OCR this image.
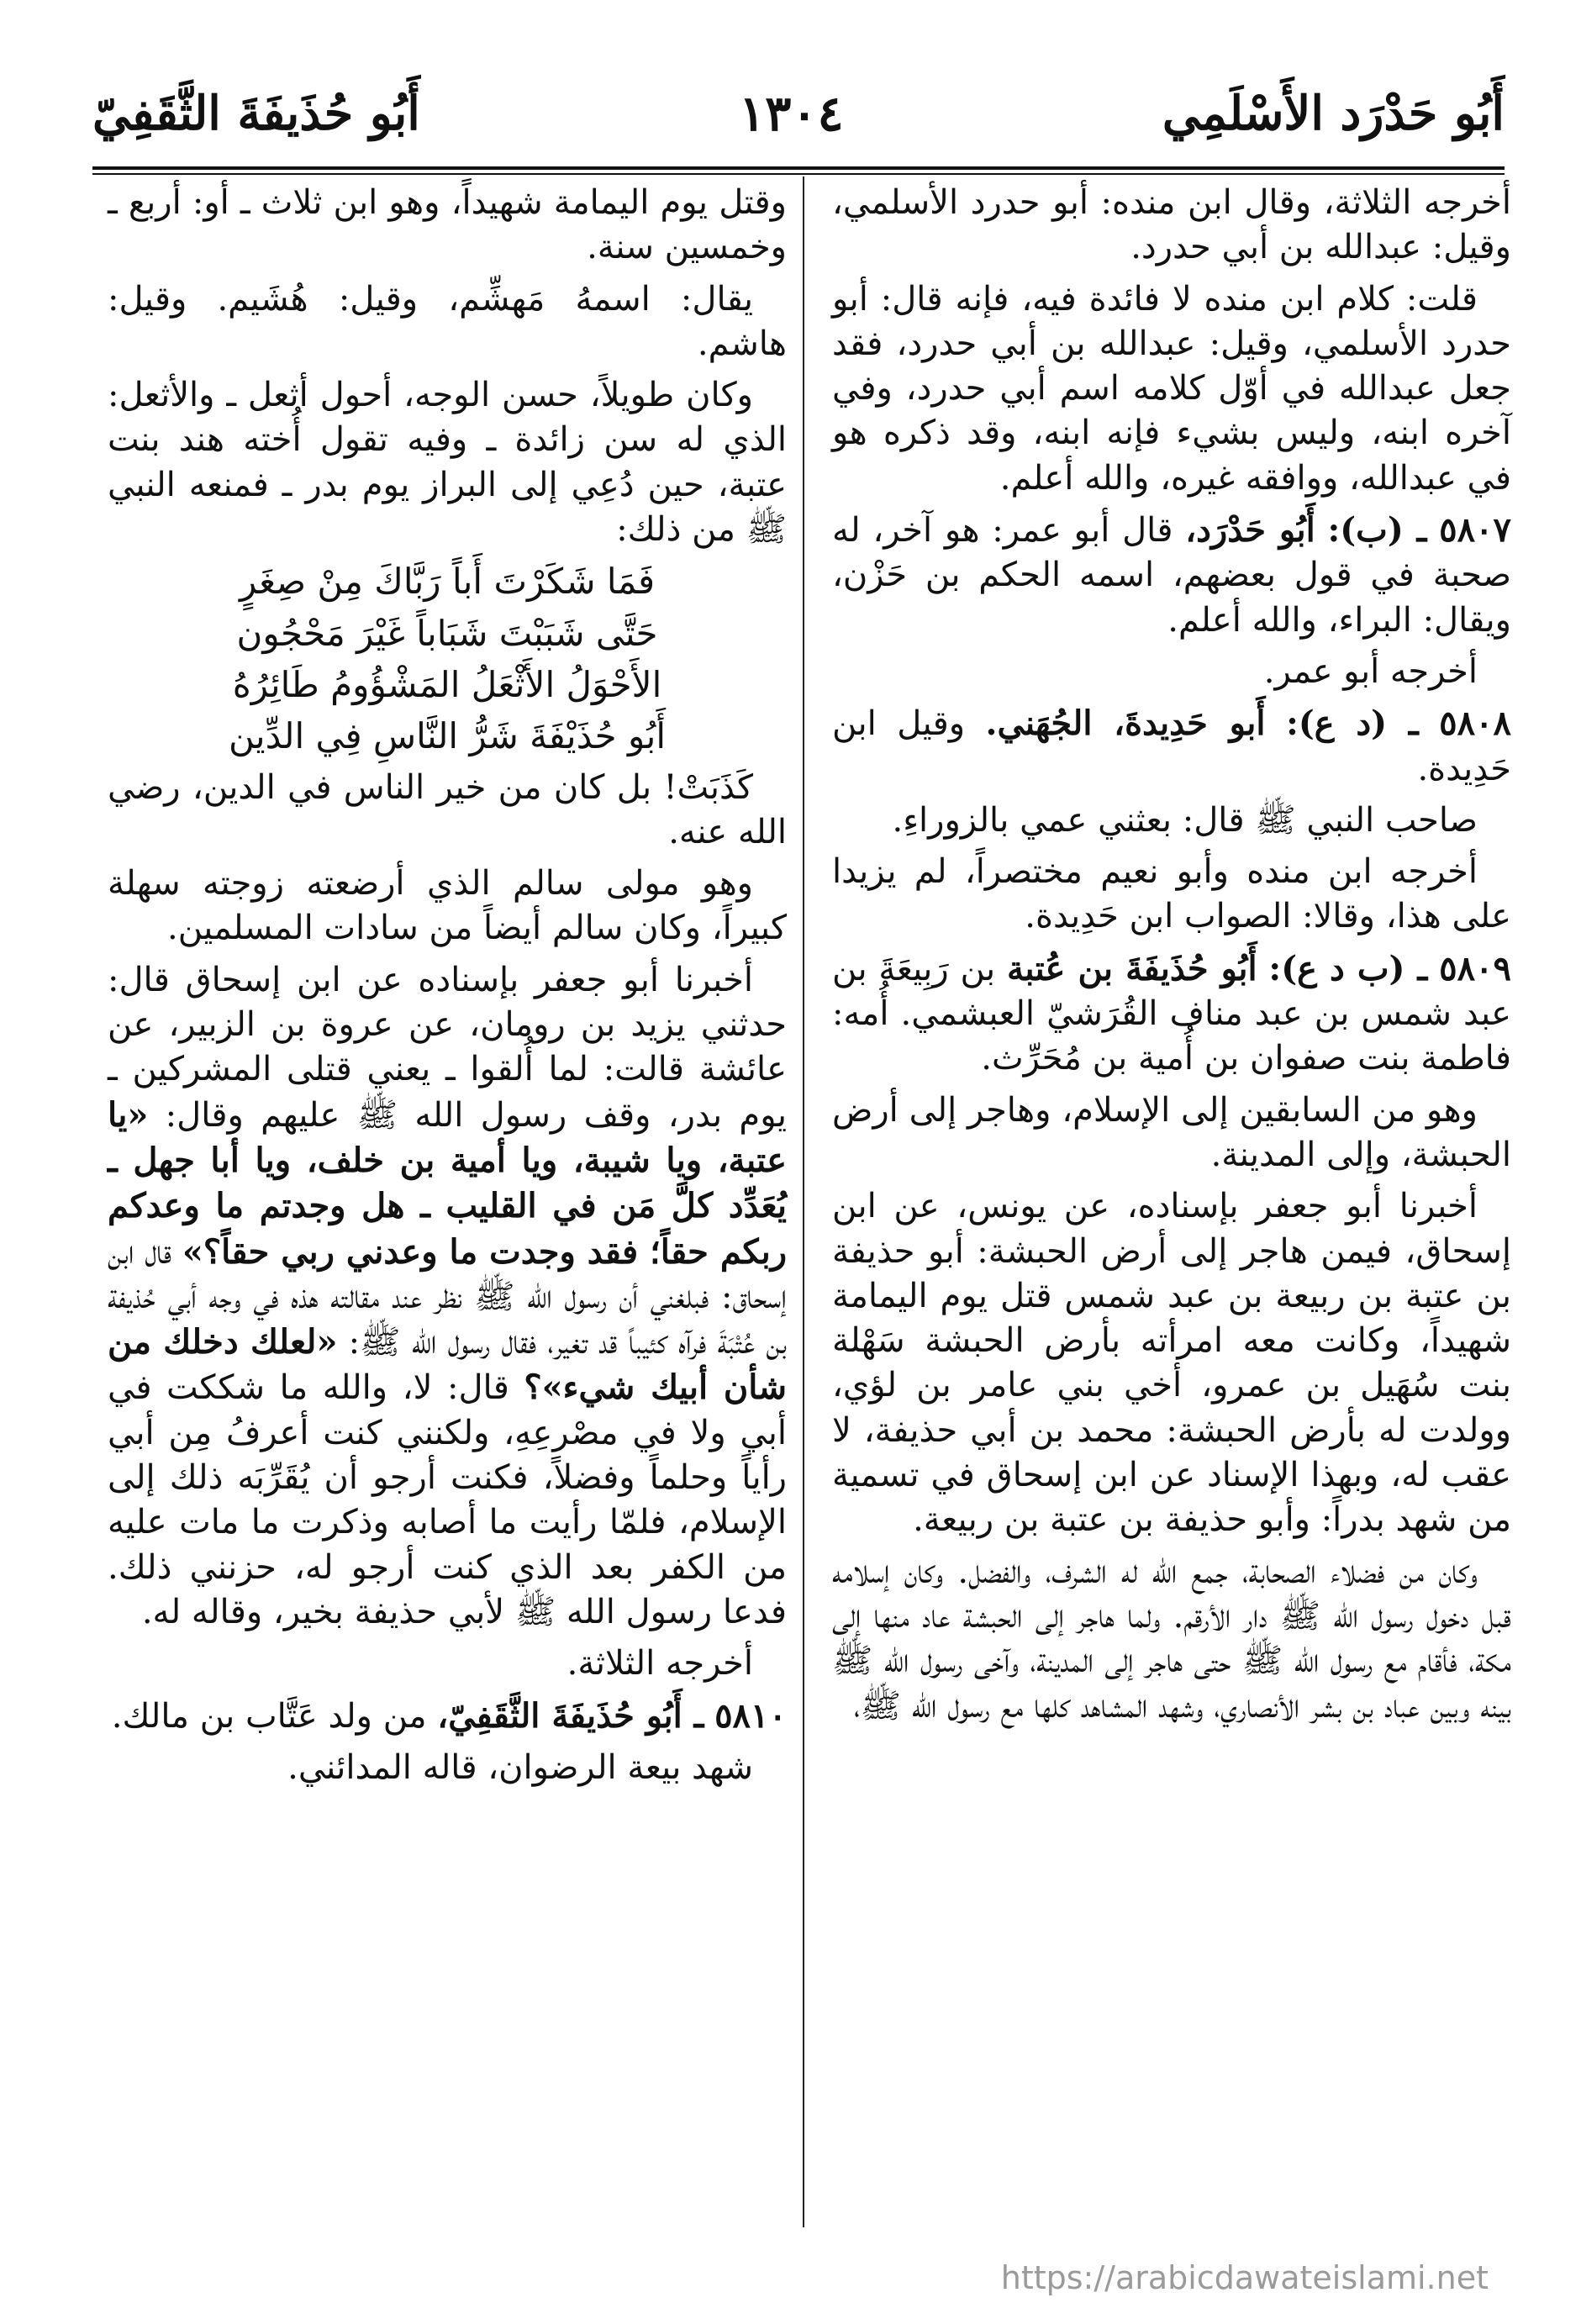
أَبُو حَدْرَد الأَسْلَمِي
١٣٠٤
أَبُو حُذَيفَةَ الثَّقَفِيّ

أخرجه الثلاثة، وقال ابن منده: أبو حدرد الأسلمي، وقيل: عبدالله بن أبي حدرد.

قلت: كلام ابن منده لا فائدة فيه، فإنه قال: أبو حدرد الأسلمي، وقيل: عبدالله بن أبي حدرد، فقد جعل عبدالله في أوّل كلامه اسم أبي حدرد، وفي آخره ابنه، وليس بشيء فإنه ابنه، وقد ذكره هو في عبدالله، ووافقه غيره، والله أعلم.

٥٨٠٧ ـ (ب): أَبُو حَدْرَد، قال أبو عمر: هو آخر، له صحبة في قول بعضهم، اسمه الحكم بن حَزْن، ويقال: البراء، والله أعلم.

أخرجه أبو عمر.

٥٨٠٨ ـ (د ع): أَبو حَدِيدةَ، الجُهَني. وقيل ابن حَدِيدة.

صاحب النبي ﷺ قال: بعثني عمي بالزوراءِ.

أخرجه ابن منده وأبو نعيم مختصراً، لم يزيدا على هذا، وقالا: الصواب ابن حَدِيدة.

٥٨٠٩ ـ (ب د ع): أَبُو حُذَيفَةَ بن عُتبة بن رَبِيعَةَ بن عبد شمس بن عبد مناف القُرَشيّ العبشمي. أُمه: فاطمة بنت صفوان بن أُمية بن مُحَرِّث.

وهو من السابقين إلى الإسلام، وهاجر إلى أرض الحبشة، وإلى المدينة.

أخبرنا أبو جعفر بإسناده، عن يونس، عن ابن إسحاق، فيمن هاجر إلى أرض الحبشة: أبو حذيفة بن عتبة بن ربيعة بن عبد شمس قتل يوم اليمامة شهيداً، وكانت معه امرأته بأرض الحبشة سَهْلة بنت سُهَيل بن عمرو، أخي بني عامر بن لؤي، وولدت له بأرض الحبشة: محمد بن أبي حذيفة، لا عقب له، وبهذا الإسناد عن ابن إسحاق في تسمية من شهد بدراً: وأبو حذيفة بن عتبة بن ربيعة.

وكان من فضلاء الصحابة، جمع الله له الشرف، والفضل. وكان إسلامه قبل دخول رسول الله ﷺ دار الأرقم. ولما هاجر إلى الحبشة عاد منها إلى مكة، فأقام مع رسول الله ﷺ حتى هاجر إلى المدينة، وآخى رسول الله ﷺ بينه وبين عباد بن بشر الأنصاري، وشهد المشاهد كلها مع رسول الله ﷺ،

وقتل يوم اليمامة شهيداً، وهو ابن ثلاث ـ أو: أربع ـ وخمسين سنة.

يقال: اسمهُ مَهشِّم، وقيل: هُشَيم. وقيل: هاشم.

وكان طويلاً، حسن الوجه، أحول أثعل ـ والأثعل: الذي له سن زائدة ـ وفيه تقول أُخته هند بنت عتبة، حين دُعِي إلى البراز يوم بدر ـ فمنعه النبي ﷺ من ذلك:

فَمَا شَكَرْتَ أَباً رَبَّاكَ مِنْ صِغَرٍ

حَتَّى شَبَبْتَ شَبَاباً غَيْرَ مَحْجُون

الأَحْوَلُ الأَثْعَلُ المَشْؤُومُ طَائِرُهُ

أَبُو حُذَيْفَةَ شَرُّ النَّاسِ فِي الدِّين

كَذَبَتْ! بل كان من خير الناس في الدين، رضي الله عنه.

وهو مولى سالم الذي أرضعته زوجته سهلة كبيراً، وكان سالم أيضاً من سادات المسلمين.

أخبرنا أبو جعفر بإسناده عن ابن إسحاق قال: حدثني يزيد بن رومان، عن عروة بن الزبير، عن عائشة قالت: لما أُلقوا ـ يعني قتلى المشركين ـ يوم بدر، وقف رسول الله ﷺ عليهم وقال: «يا عتبة، ويا شيبة، ويا أمية بن خلف، ويا أبا جهل ـ يُعَدِّد كلَّ مَن في القليب ـ هل وجدتم ما وعدكم ربكم حقاً؛ فقد وجدت ما وعدني ربي حقاً؟» قال ابن إسحاق: فبلغني أن رسول الله ﷺ نظر عند مقالته هذه في وجه أبي حُذيفة بن عُتْبَةَ فرآه كئيباً قد تغير، فقال رسول الله ﷺ: «لعلك دخلك من شأن أبيك شيء»؟ قال: لا، والله ما شككت في أبي ولا في مصْرعِهِ، ولكنني كنت أعرفُ مِن أبي رأياً وحلماً وفضلاً، فكنت أرجو أن يُقَرِّبَه ذلك إلى الإسلام، فلمّا رأيت ما أصابه وذكرت ما مات عليه من الكفر بعد الذي كنت أرجو له، حزنني ذلك. فدعا رسول الله ﷺ لأبي حذيفة بخير، وقاله له.

أخرجه الثلاثة.

٥٨١٠ ـ أَبُو حُذَيفَةَ الثَّقَفِيّ، من ولد عَتَّاب بن مالك.

شهد بيعة الرضوان، قاله المدائني.

https://arabicdawateislami.net
